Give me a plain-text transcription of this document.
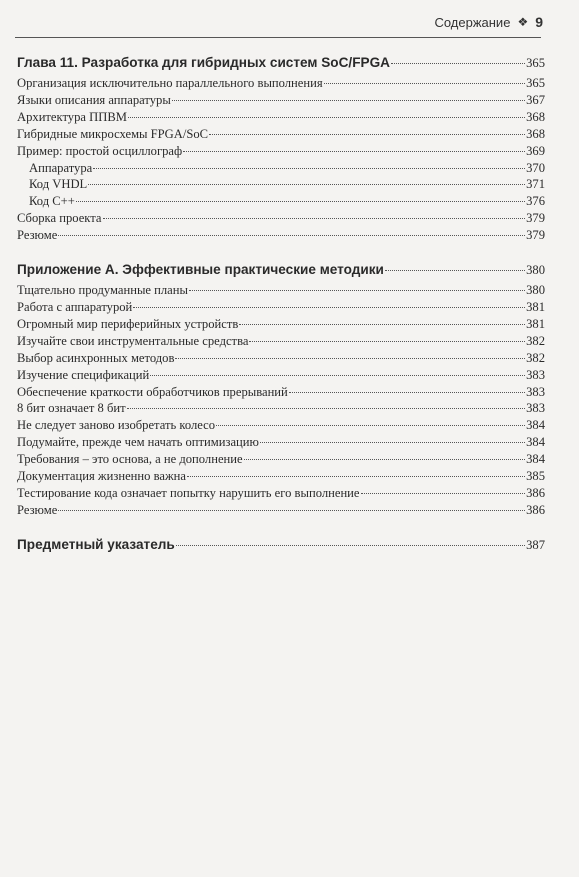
Содержание ❖ 9
Глава 11. Разработка для гибридных систем SoC/FPGA	365
Организация исключительно параллельного выполнения	365
Языки описания аппаратуры	367
Архитектура ППВМ	368
Гибридные микросхемы FPGA/SoC	368
Пример: простой осциллограф	369
Аппаратура	370
Код VHDL	371
Код C++	376
Сборка проекта	379
Резюме	379
Приложение А. Эффективные практические методики	380
Тщательно продуманные планы	380
Работа с аппаратурой	381
Огромный мир периферийных устройств	381
Изучайте свои инструментальные средства	382
Выбор асинхронных методов	382
Изучение спецификаций	383
Обеспечение краткости обработчиков прерываний	383
8 бит означает 8 бит	383
Не следует заново изобретать колесо	384
Подумайте, прежде чем начать оптимизацию	384
Требования – это основа, а не дополнение	384
Документация жизненно важна	385
Тестирование кода означает попытку нарушить его выполнение	386
Резюме	386
Предметный указатель	387
